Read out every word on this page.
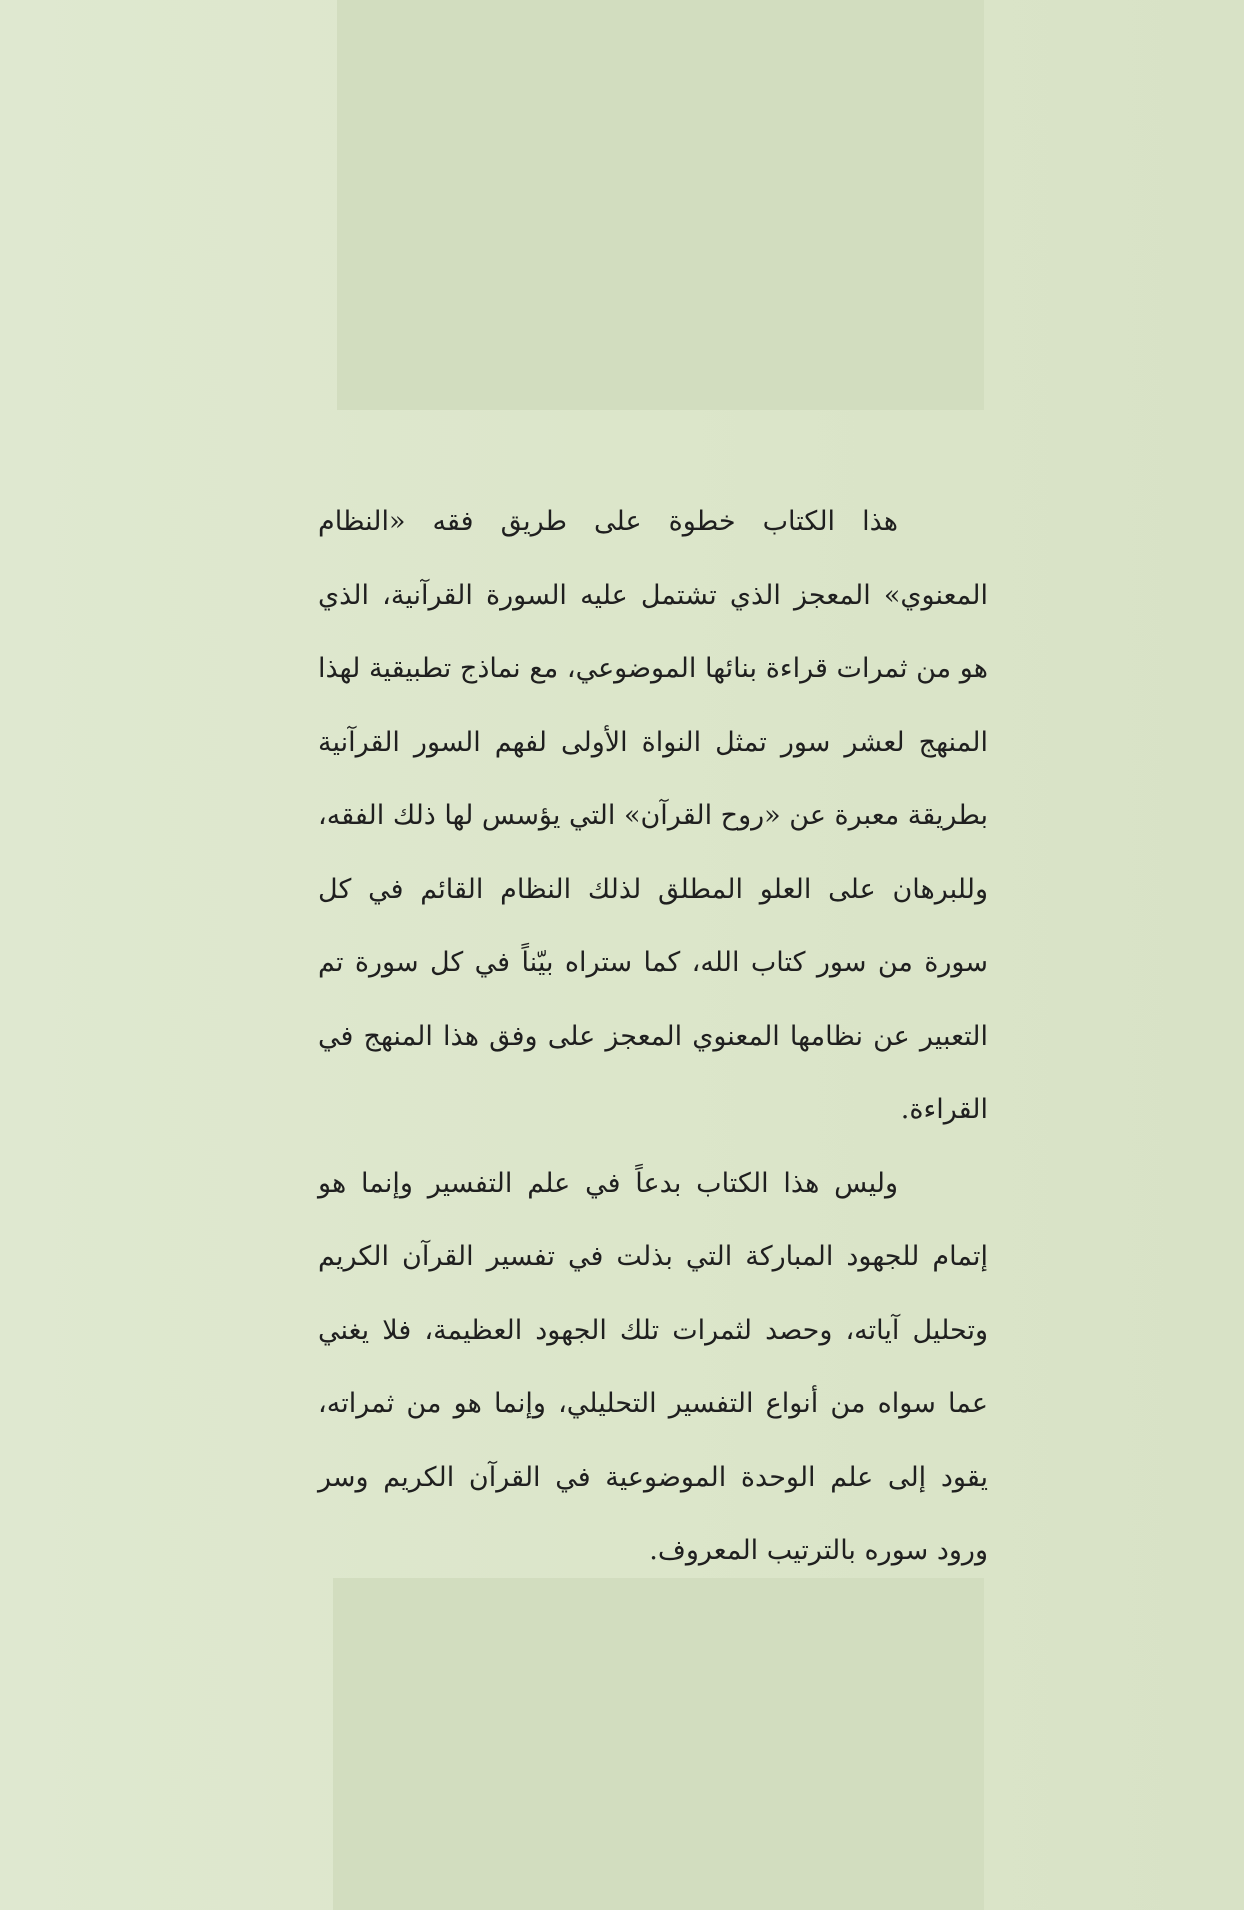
هذا الكتاب خطوة على طريق فقه «النظام المعنوي» المعجز الذي تشتمل عليه السورة القرآنية، الذي هو من ثمرات قراءة بنائها الموضوعي، مع نماذج تطبيقية لهذا المنهج لعشر سور تمثل النواة الأولى لفهم السور القرآنية بطريقة معبرة عن «روح القرآن» التي يؤسس لها ذلك الفقه، وللبرهان على العلو المطلق لذلك النظام القائم في كل سورة من سور كتاب الله، كما ستراه بيّناً في كل سورة تم التعبير عن نظامها المعنوي المعجز على وفق هذا المنهج في القراءة.

وليس هذا الكتاب بدعاً في علم التفسير وإنما هو إتمام للجهود المباركة التي بذلت في تفسير القرآن الكريم وتحليل آياته، وحصد لثمرات تلك الجهود العظيمة، فلا يغني عما سواه من أنواع التفسير التحليلي، وإنما هو من ثمراته، يقود إلى علم الوحدة الموضوعية في القرآن الكريم وسر ورود سوره بالترتيب المعروف.
